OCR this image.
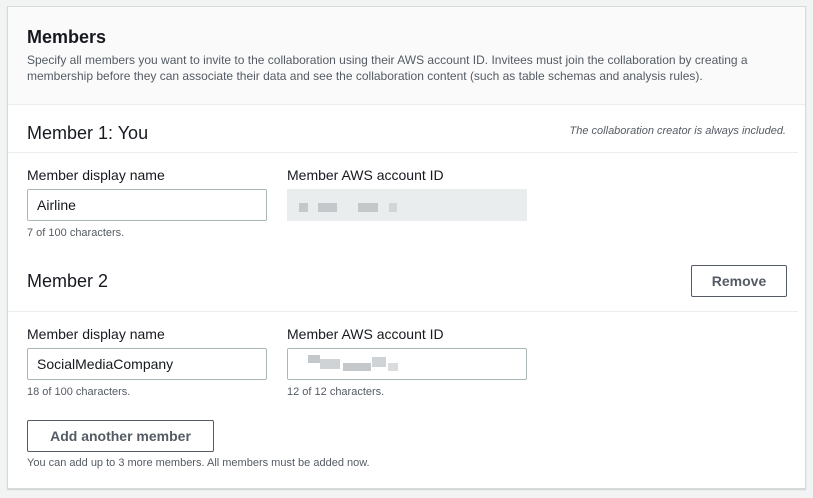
Members
Specify all members you want to invite to the collaboration using their AWS account ID. Invitees must join the collaboration by creating a membership before they can associate their data and see the collaboration content (such as table schemas and analysis rules).
Member 1: You	The collaboration creator is always included.
Member display name
Airline
7 of 100 characters.
Member AWS account ID
Member 2	Remove
Member display name
SocialMediaCompany
18 of 100 characters.
Member AWS account ID
12 of 12 characters.
Add another member
You can add up to 3 more members. All members must be added now.
